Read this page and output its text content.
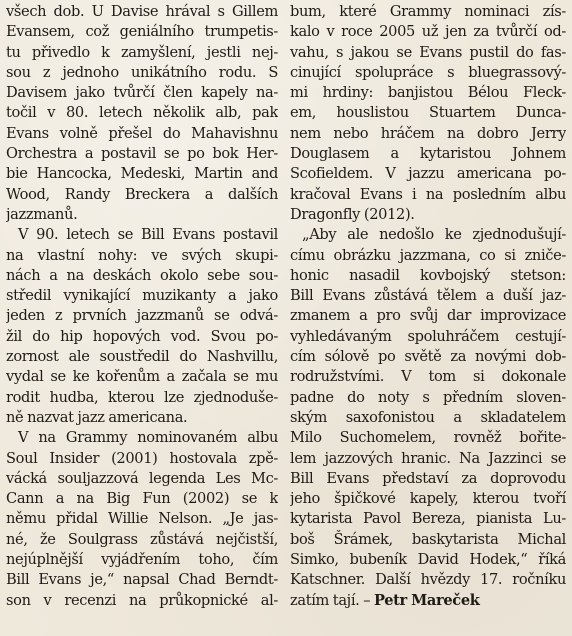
všech dob. U Davise hrával s Gillem
Evansem, což geniálního trumpetis-
tu přivedlo k zamyšlení, jestli nej-
sou z jednoho unikátního rodu. S
Davisem jako tvůrčí člen kapely na-
točil v 80. letech několik alb, pak
Evans volně přešel do Mahavishnu
Orchestra a postavil se po bok Her-
bie Hancocka, Medeski, Martin and
Wood, Randy Breckera a dalších
jazzmanů.
V 90. letech se Bill Evans postavil
na vlastní nohy: ve svých skupi-
nách a na deskách okolo sebe sou-
středil vynikající muzikanty a jako
jeden z prvních jazzmanů se odvá-
žil do hip hopových vod. Svou po-
zornost ale soustředil do Nashvillu,
vydal se ke kořenům a začala se mu
rodit hudba, kterou lze zjednoduše-
ně nazvat jazz americana.
V na Grammy nominovaném albu
Soul Insider (2001) hostovala zpě-
vácká souljazzová legenda Les Mc-
Cann a na Big Fun (2002) se k
němu přidal Willie Nelson. „Je jas-
né, že Soulgrass zůstává nejčistší,
nejúplnější vyjádřením toho, čím
Bill Evans je,“ napsal Chad Berndt-
son v recenzi na průkopnické al-
bum, které Grammy nominaci zís-
kalo v roce 2005 už jen za tvůrčí od-
vahu, s jakou se Evans pustil do fas-
cinující spolupráce s bluegrassový-
mi hrdiny: banjistou Bélou Fleck-
em, houslistou Stuartem Dunca-
nem nebo hráčem na dobro Jerry
Douglasem a kytaristou Johnem
Scofieldem. V jazzu americana po-
kračoval Evans i na posledním albu
Dragonfly (2012).
„Aby ale nedošlo ke zjednodušují-
címu obrázku jazzmana, co si zniče-
honic nasadil kovbojský stetson:
Bill Evans zůstává tělem a duší jaz-
zmanem a pro svůj dar improvizace
vyhledávaným spoluhráčem cestují-
cím sólově po světě za novými dob-
rodružstvími. V tom si dokonale
padne do noty s předním sloven-
ským saxofonistou a skladatelem
Milo Suchomelem, rovněž bořite-
lem jazzových hranic. Na Jazzinci se
Bill Evans představí za doprovodu
jeho špičkové kapely, kterou tvoří
kytarista Pavol Bereza, pianista Lu-
boš Šrámek, baskytarista Michal
Simko, bubeník David Hodek,“ říká
Katschner. Další hvězdy 17. ročníku
zatím tají. – Petr Mareček
